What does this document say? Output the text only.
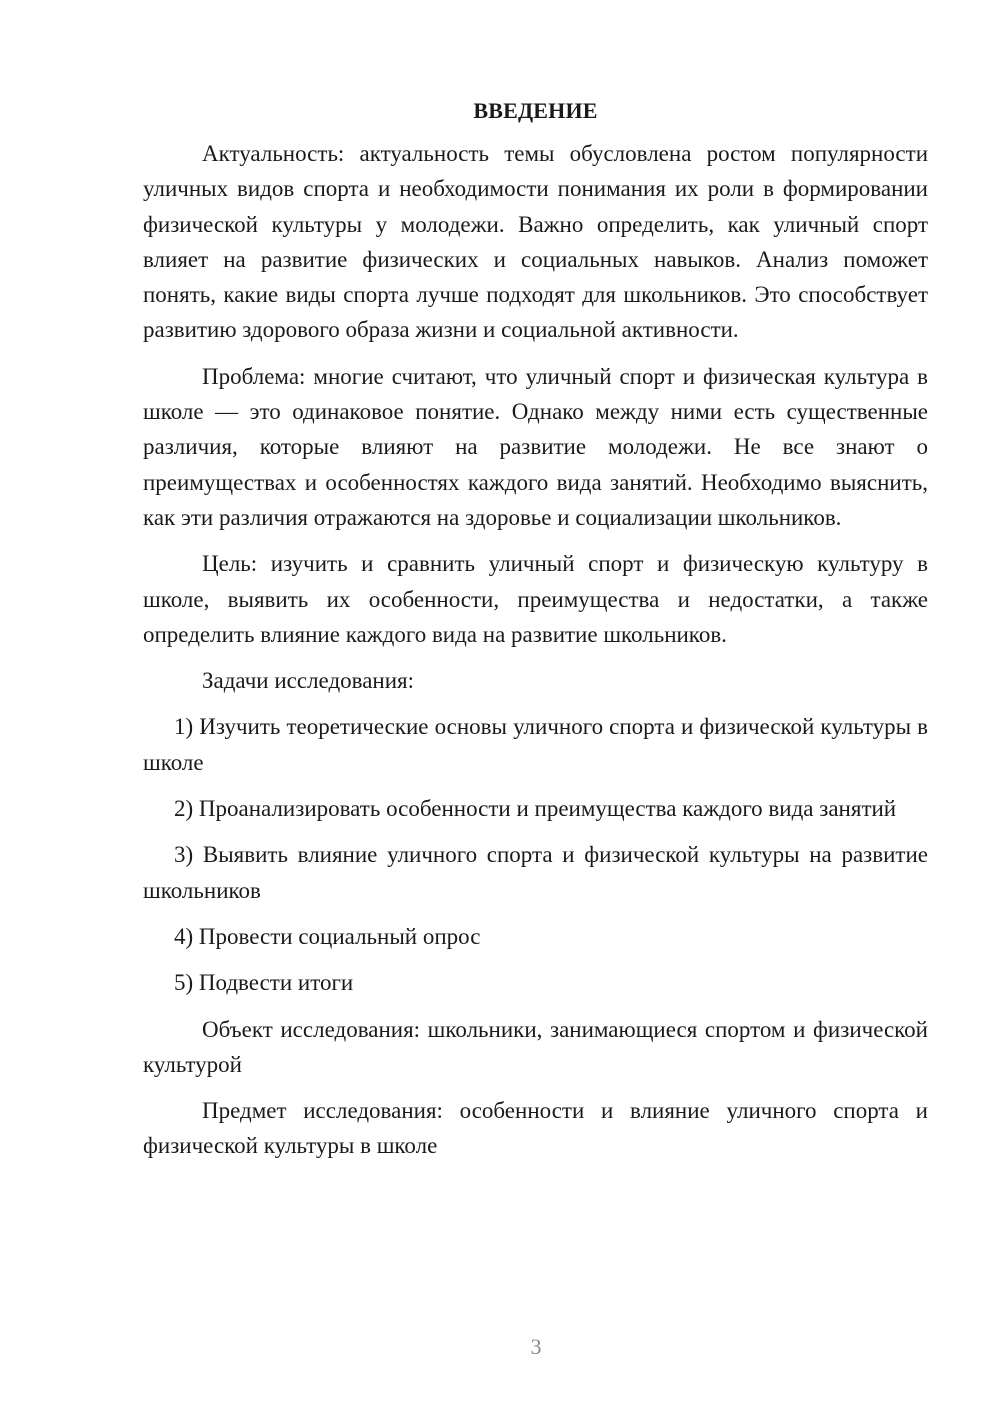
ВВЕДЕНИЕ

Актуальность: актуальность темы обусловлена ростом популярности уличных видов спорта и необходимости понимания их роли в формировании физической культуры у молодежи. Важно определить, как уличный спорт влияет на развитие физических и социальных навыков. Анализ поможет понять, какие виды спорта лучше подходят для школьников. Это способствует развитию здорового образа жизни и социальной активности.

Проблема: многие считают, что уличный спорт и физическая культура в школе — это одинаковое понятие. Однако между ними есть существенные различия, которые влияют на развитие молодежи. Не все знают о преимуществах и особенностях каждого вида занятий. Необходимо выяснить, как эти различия отражаются на здоровье и социализации школьников.

Цель: изучить и сравнить уличный спорт и физическую культуру в школе, выявить их особенности, преимущества и недостатки, а также определить влияние каждого вида на развитие школьников.

Задачи исследования:

1) Изучить теоретические основы уличного спорта и физической культуры в школе

2) Проанализировать особенности и преимущества каждого вида занятий

3) Выявить влияние уличного спорта и физической культуры на развитие школьников

4) Провести социальный опрос

5) Подвести итоги

Объект исследования: школьники, занимающиеся спортом и физической культурой

Предмет исследования: особенности и влияние уличного спорта и физической культуры в школе

3
